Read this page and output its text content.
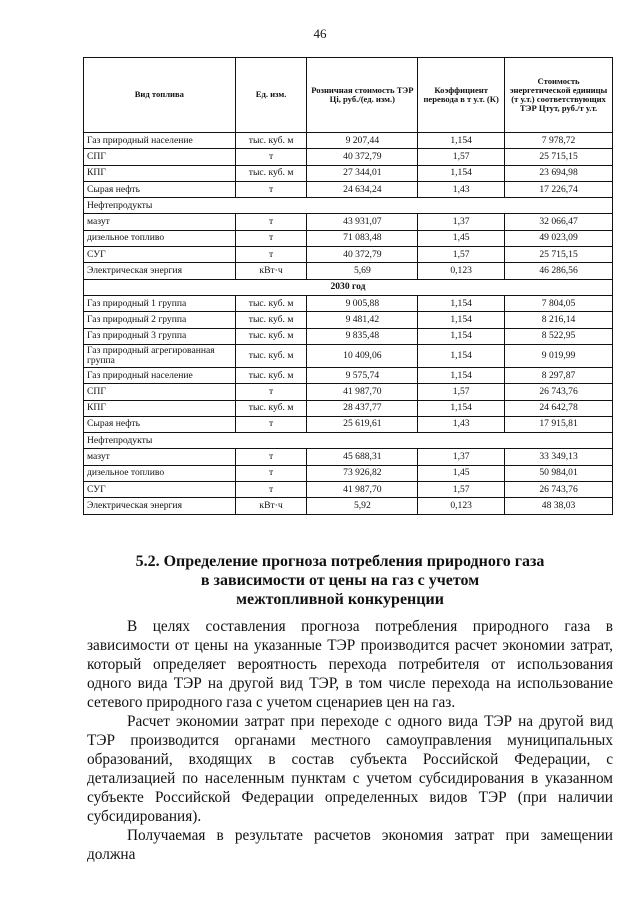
46
Вид топлива	Ед. изм.	Розничная стоимость ТЭР Цi, руб./(ед. изм.)	Коэффициент перевода в т у.т. (К)	Стоимость энергетической единицы (т у.т.) соответствующих ТЭР Цтут, руб./т у.т.
Газ природный население	тыс. куб. м	9 207,44	1,154	7 978,72
СПГ	т	40 372,79	1,57	25 715,15
КПГ	тыс. куб. м	27 344,01	1,154	23 694,98
Сырая нефть	т	24 634,24	1,43	17 226,74
Нефтепродукты				
мазут	т	43 931,07	1,37	32 066,47
дизельное топливо	т	71 083,48	1,45	49 023,09
СУГ	т	40 372,79	1,57	25 715,15
Электрическая энергия	кВт·ч	5,69	0,123	46 286,56
2030 год				
Газ природный 1 группа	тыс. куб. м	9 005,88	1,154	7 804,05
Газ природный 2 группа	тыс. куб. м	9 481,42	1,154	8 216,14
Газ природный 3 группа	тыс. куб. м	9 835,48	1,154	8 522,95
Газ природный агрегированная группа	тыс. куб. м	10 409,06	1,154	9 019,99
Газ природный население	тыс. куб. м	9 575,74	1,154	8 297,87
СПГ	т	41 987,70	1,57	26 743,76
КПГ	тыс. куб. м	28 437,77	1,154	24 642,78
Сырая нефть	т	25 619,61	1,43	17 915,81
Нефтепродукты				
мазут	т	45 688,31	1,37	33 349,13
дизельное топливо	т	73 926,82	1,45	50 984,01
СУГ	т	41 987,70	1,57	26 743,76
Электрическая энергия	кВт·ч	5,92	0,123	48 38,03
5.2. Определение прогноза потребления природного газа
в зависимости от цены на газ с учетом
межтопливной конкуренции

В целях составления прогноза потребления природного газа в зависимости от цены на указанные ТЭР производится расчет экономии затрат, который определяет вероятность перехода потребителя от использования одного вида ТЭР на другой вид ТЭР, в том числе перехода на использование сетевого природного газа с учетом сценариев цен на газ.

Расчет экономии затрат при переходе с одного вида ТЭР на другой вид ТЭР производится органами местного самоуправления муниципальных образований, входящих в состав субъекта Российской Федерации, с детализацией по населенным пунктам с учетом субсидирования в указанном субъекте Российской Федерации определенных видов ТЭР (при наличии субсидирования).

Получаемая в результате расчетов экономия затрат при замещении должна
